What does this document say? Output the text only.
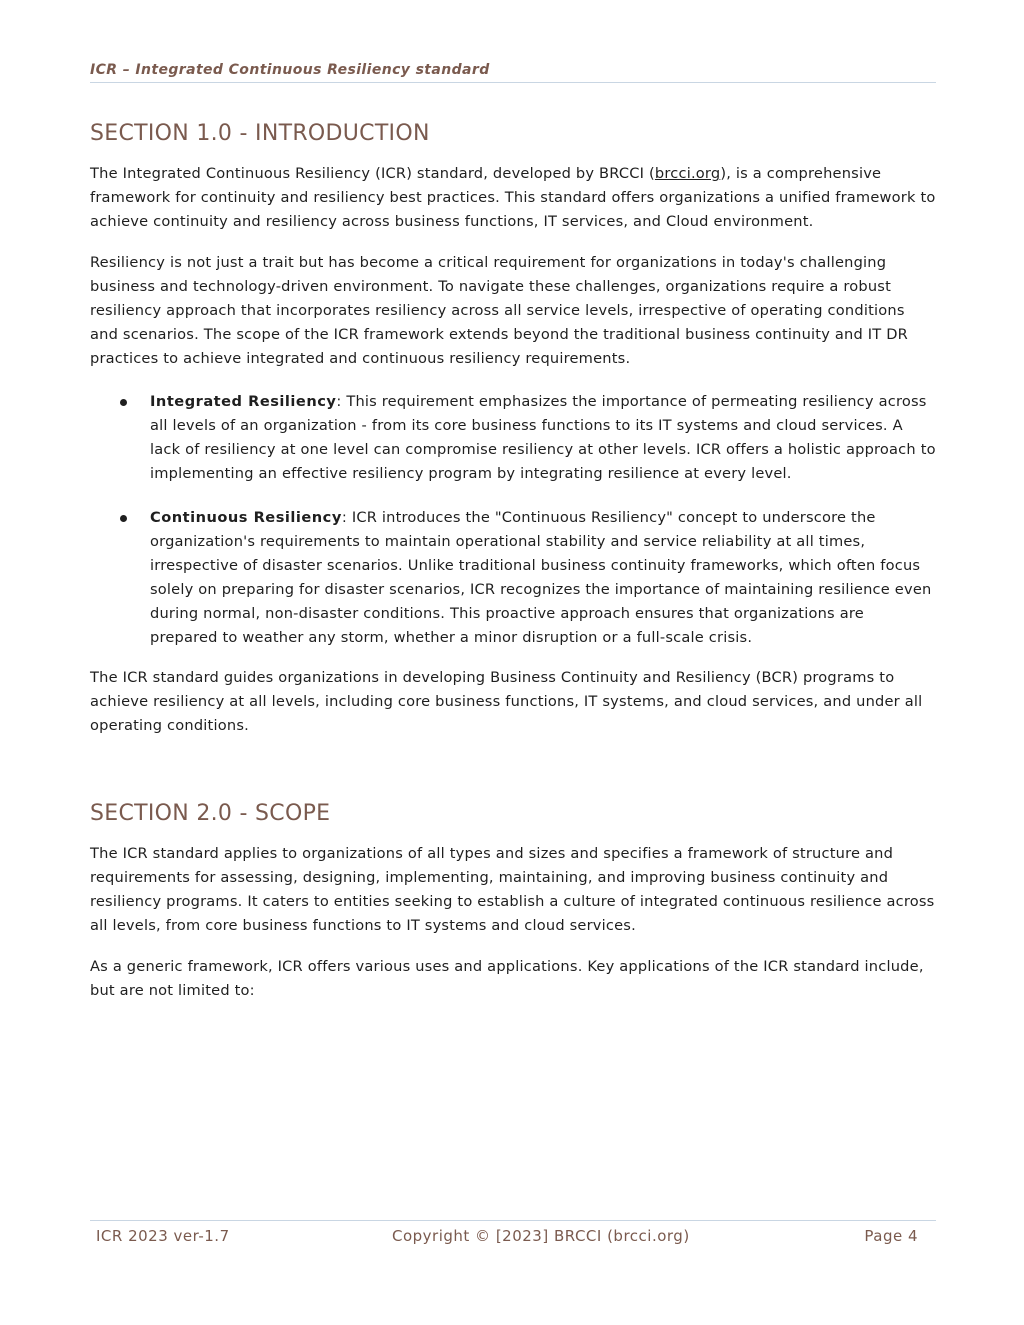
ICR – Integrated Continuous Resiliency standard
SECTION 1.0 - INTRODUCTION

The Integrated Continuous Resiliency (ICR) standard, developed by BRCCI (brcci.org), is a comprehensive framework for continuity and resiliency best practices. This standard offers organizations a unified framework to achieve continuity and resiliency across business functions, IT services, and Cloud environment.

Resiliency is not just a trait but has become a critical requirement for organizations in today's challenging business and technology-driven environment. To navigate these challenges, organizations require a robust resiliency approach that incorporates resiliency across all service levels, irrespective of operating conditions and scenarios. The scope of the ICR framework extends beyond the traditional business continuity and IT DR practices to achieve integrated and continuous resiliency requirements.

Integrated Resiliency: This requirement emphasizes the importance of permeating resiliency across all levels of an organization - from its core business functions to its IT systems and cloud services. A lack of resiliency at one level can compromise resiliency at other levels. ICR offers a holistic approach to implementing an effective resiliency program by integrating resilience at every level.
Continuous Resiliency: ICR introduces the "Continuous Resiliency" concept to underscore the organization's requirements to maintain operational stability and service reliability at all times, irrespective of disaster scenarios. Unlike traditional business continuity frameworks, which often focus solely on preparing for disaster scenarios, ICR recognizes the importance of maintaining resilience even during normal, non-disaster conditions. This proactive approach ensures that organizations are prepared to weather any storm, whether a minor disruption or a full-scale crisis.

The ICR standard guides organizations in developing Business Continuity and Resiliency (BCR) programs to achieve resiliency at all levels, including core business functions, IT systems, and cloud services, and under all operating conditions.

SECTION 2.0 - SCOPE

The ICR standard applies to organizations of all types and sizes and specifies a framework of structure and requirements for assessing, designing, implementing, maintaining, and improving business continuity and resiliency programs. It caters to entities seeking to establish a culture of integrated continuous resilience across all levels, from core business functions to IT systems and cloud services.

As a generic framework, ICR offers various uses and applications. Key applications of the ICR standard include, but are not limited to:

ICR 2023 ver-1.7	Copyright © [2023] BRCCI (brcci.org)	Page 4
